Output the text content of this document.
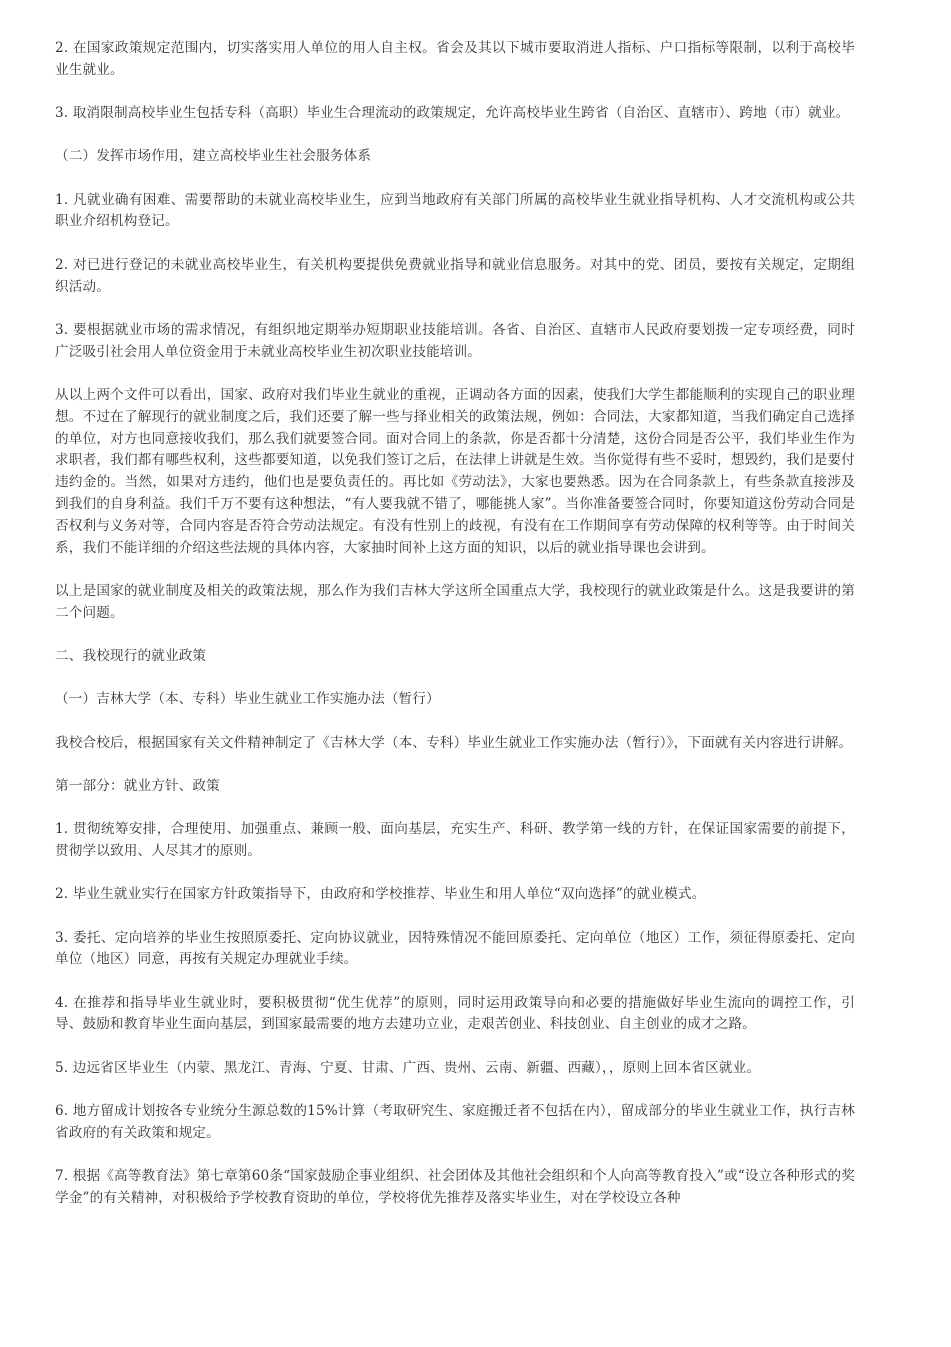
2. 在国家政策规定范围内，切实落实用人单位的用人自主权。省会及其以下城市要取消进人指标、户口指标等限制，以利于高校毕业生就业。

3. 取消限制高校毕业生包括专科（高职）毕业生合理流动的政策规定，允许高校毕业生跨省（自治区、直辖市）、跨地（市）就业。

（二）发挥市场作用，建立高校毕业生社会服务体系

1. 凡就业确有困难、需要帮助的未就业高校毕业生，应到当地政府有关部门所属的高校毕业生就业指导机构、人才交流机构或公共职业介绍机构登记。

2. 对已进行登记的未就业高校毕业生，有关机构要提供免费就业指导和就业信息服务。对其中的党、团员，要按有关规定，定期组织活动。

3. 要根据就业市场的需求情况，有组织地定期举办短期职业技能培训。各省、自治区、直辖市人民政府要划拨一定专项经费，同时广泛吸引社会用人单位资金用于未就业高校毕业生初次职业技能培训。

从以上两个文件可以看出，国家、政府对我们毕业生就业的重视，正调动各方面的因素，使我们大学生都能顺利的实现自己的职业理想。不过在了解现行的就业制度之后，我们还要了解一些与择业相关的政策法规，例如：合同法，大家都知道，当我们确定自己选择的单位，对方也同意接收我们，那么我们就要签合同。面对合同上的条款，你是否都十分清楚，这份合同是否公平，我们毕业生作为求职者，我们都有哪些权利，这些都要知道，以免我们签订之后，在法律上讲就是生效。当你觉得有些不妥时，想毁约，我们是要付违约金的。当然，如果对方违约，他们也是要负责任的。再比如《劳动法》，大家也要熟悉。因为在合同条款上，有些条款直接涉及到我们的自身利益。我们千万不要有这种想法，“有人要我就不错了，哪能挑人家”。当你准备要签合同时，你要知道这份劳动合同是否权利与义务对等，合同内容是否符合劳动法规定。有没有性别上的歧视，有没有在工作期间享有劳动保障的权利等等。由于时间关系，我们不能详细的介绍这些法规的具体内容，大家抽时间补上这方面的知识，以后的就业指导课也会讲到。

以上是国家的就业制度及相关的政策法规，那么作为我们吉林大学这所全国重点大学，我校现行的就业政策是什么。这是我要讲的第二个问题。

二、我校现行的就业政策

（一）吉林大学（本、专科）毕业生就业工作实施办法（暂行）

我校合校后，根据国家有关文件精神制定了《吉林大学（本、专科）毕业生就业工作实施办法（暂行）》，下面就有关内容进行讲解。

第一部分：就业方针、政策

1. 贯彻统筹安排，合理使用、加强重点、兼顾一般、面向基层，充实生产、科研、教学第一线的方针，在保证国家需要的前提下，贯彻学以致用、人尽其才的原则。

2. 毕业生就业实行在国家方针政策指导下，由政府和学校推荐、毕业生和用人单位“双向选择”的就业模式。

3. 委托、定向培养的毕业生按照原委托、定向协议就业，因特殊情况不能回原委托、定向单位（地区）工作，须征得原委托、定向单位（地区）同意，再按有关规定办理就业手续。

4. 在推荐和指导毕业生就业时，要积极贯彻“优生优荐”的原则，同时运用政策导向和必要的措施做好毕业生流向的调控工作，引导、鼓励和教育毕业生面向基层，到国家最需要的地方去建功立业，走艰苦创业、科技创业、自主创业的成才之路。

5. 边远省区毕业生（内蒙、黑龙江、青海、宁夏、甘肃、广西、贵州、云南、新疆、西藏），，原则上回本省区就业。

6. 地方留成计划按各专业统分生源总数的15%计算（考取研究生、家庭搬迁者不包括在内），留成部分的毕业生就业工作，执行吉林省政府的有关政策和规定。

7. 根据《高等教育法》第七章第60条“国家鼓励企事业组织、社会团体及其他社会组织和个人向高等教育投入”或“设立各种形式的奖学金”的有关精神，对积极给予学校教育资助的单位，学校将优先推荐及落实毕业生，对在学校设立各种
